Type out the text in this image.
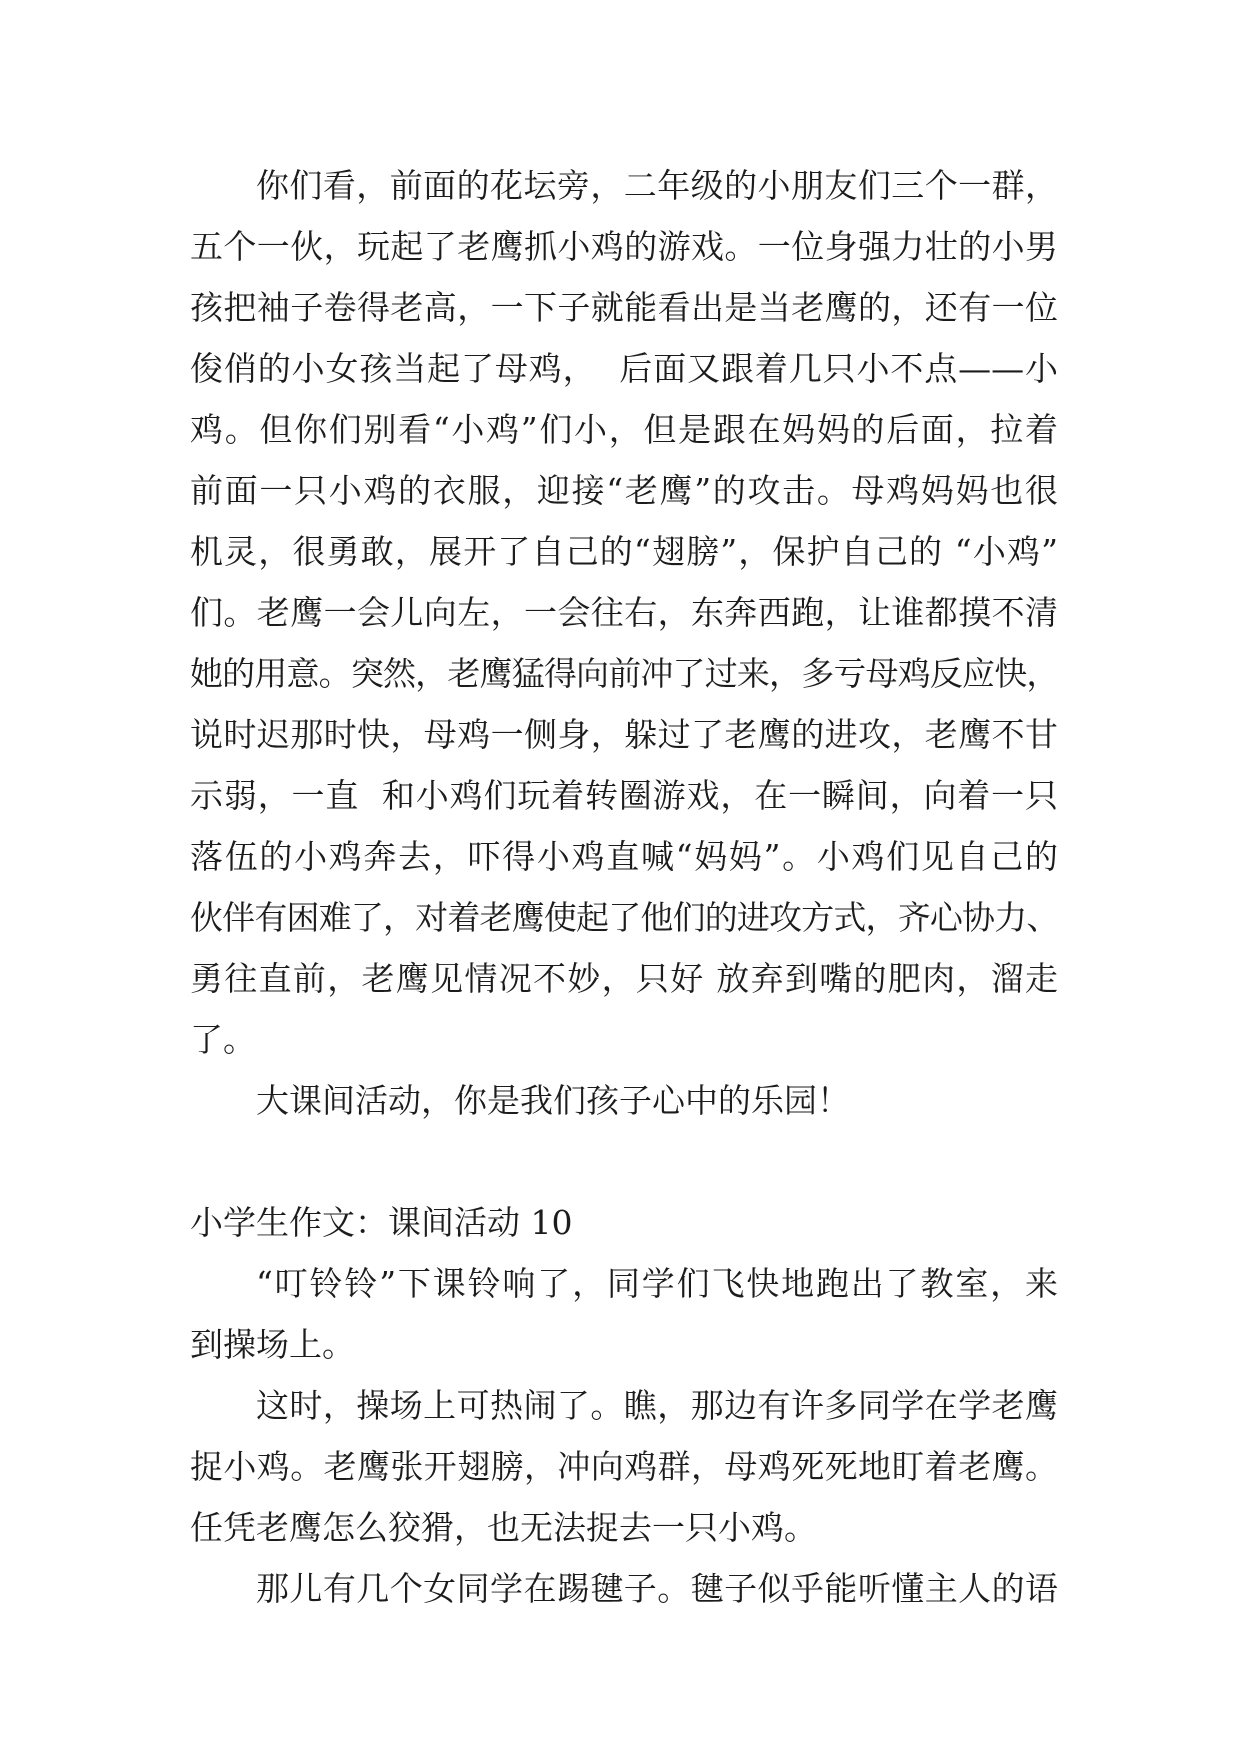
你们看，前面的花坛旁，二年级的小朋友们三个一群，
五个一伙，玩起了老鹰抓小鸡的游戏。一位身强力壮的小男
孩把袖子卷得老高，一下子就能看出是当老鹰的，还有一位
俊俏的小女孩当起了母鸡，  后面又跟着几只小不点——小
鸡。但你们别看“小鸡”们小，但是跟在妈妈的后面，拉着
前面一只小鸡的衣服，迎接“老鹰”的攻击。母鸡妈妈也很
机灵，很勇敢，展开了自己的“翅膀”，保护自己的 “小鸡”
们。老鹰一会儿向左，一会往右，东奔西跑，让谁都摸不清
她的用意。突然，老鹰猛得向前冲了过来，多亏母鸡反应快，
说时迟那时快，母鸡一侧身，躲过了老鹰的进攻，老鹰不甘
示弱，一直  和小鸡们玩着转圈游戏，在一瞬间，向着一只
落伍的小鸡奔去，吓得小鸡直喊“妈妈”。小鸡们见自己的
伙伴有困难了，对着老鹰使起了他们的进攻方式，齐心协力、
勇往直前，老鹰见情况不妙，只好 放弃到嘴的肥肉，溜走
了。
大课间活动，你是我们孩子心中的乐园！
小学生作文：课间活动 10
“叮铃铃”下课铃响了，同学们飞快地跑出了教室，来
到操场上。
这时，操场上可热闹了。瞧，那边有许多同学在学老鹰
捉小鸡。老鹰张开翅膀，冲向鸡群，母鸡死死地盯着老鹰。
任凭老鹰怎么狡猾，也无法捉去一只小鸡。
那儿有几个女同学在踢毽子。毽子似乎能听懂主人的语
